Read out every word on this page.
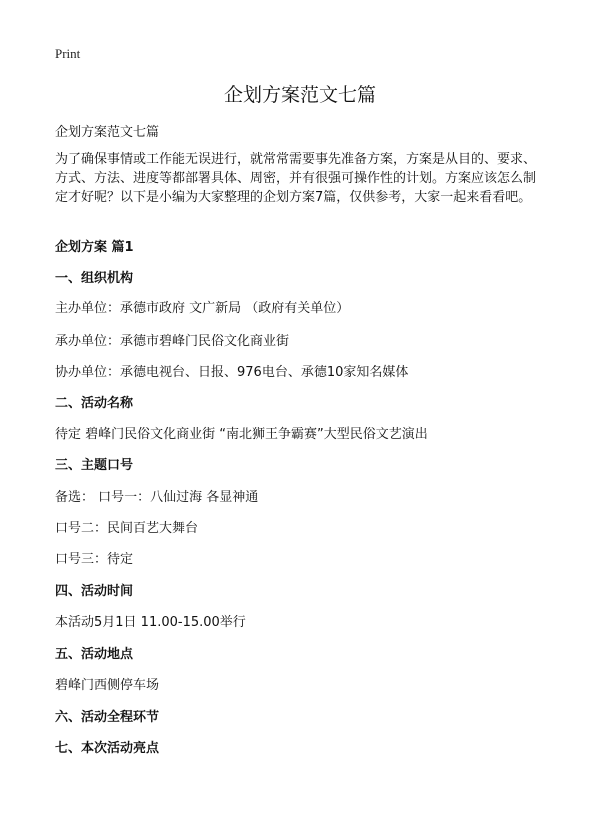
Print
企划方案范文七篇
企划方案范文七篇

为了确保事情或工作能无误进行，就常常需要事先准备方案，方案是从目的、要求、方式、方法、进度等都部署具体、周密，并有很强可操作性的计划。方案应该怎么制定才好呢？以下是小编为大家整理的企划方案7篇，仅供参考，大家一起来看看吧。

企划方案 篇1
一、组织机构
主办单位：承德市政府 文广新局 （政府有关单位）
承办单位：承德市碧峰门民俗文化商业街
协办单位：承德电视台、日报、976电台、承德10家知名媒体
二、活动名称
待定 碧峰门民俗文化商业街 “南北狮王争霸赛”大型民俗文艺演出
三、主题口号
备选： 口号一：八仙过海 各显神通
口号二：民间百艺大舞台
口号三：待定
四、活动时间
本活动5月1日 11.00-15.00举行
五、活动地点
碧峰门西侧停车场
六、活动全程环节
七、本次活动亮点
